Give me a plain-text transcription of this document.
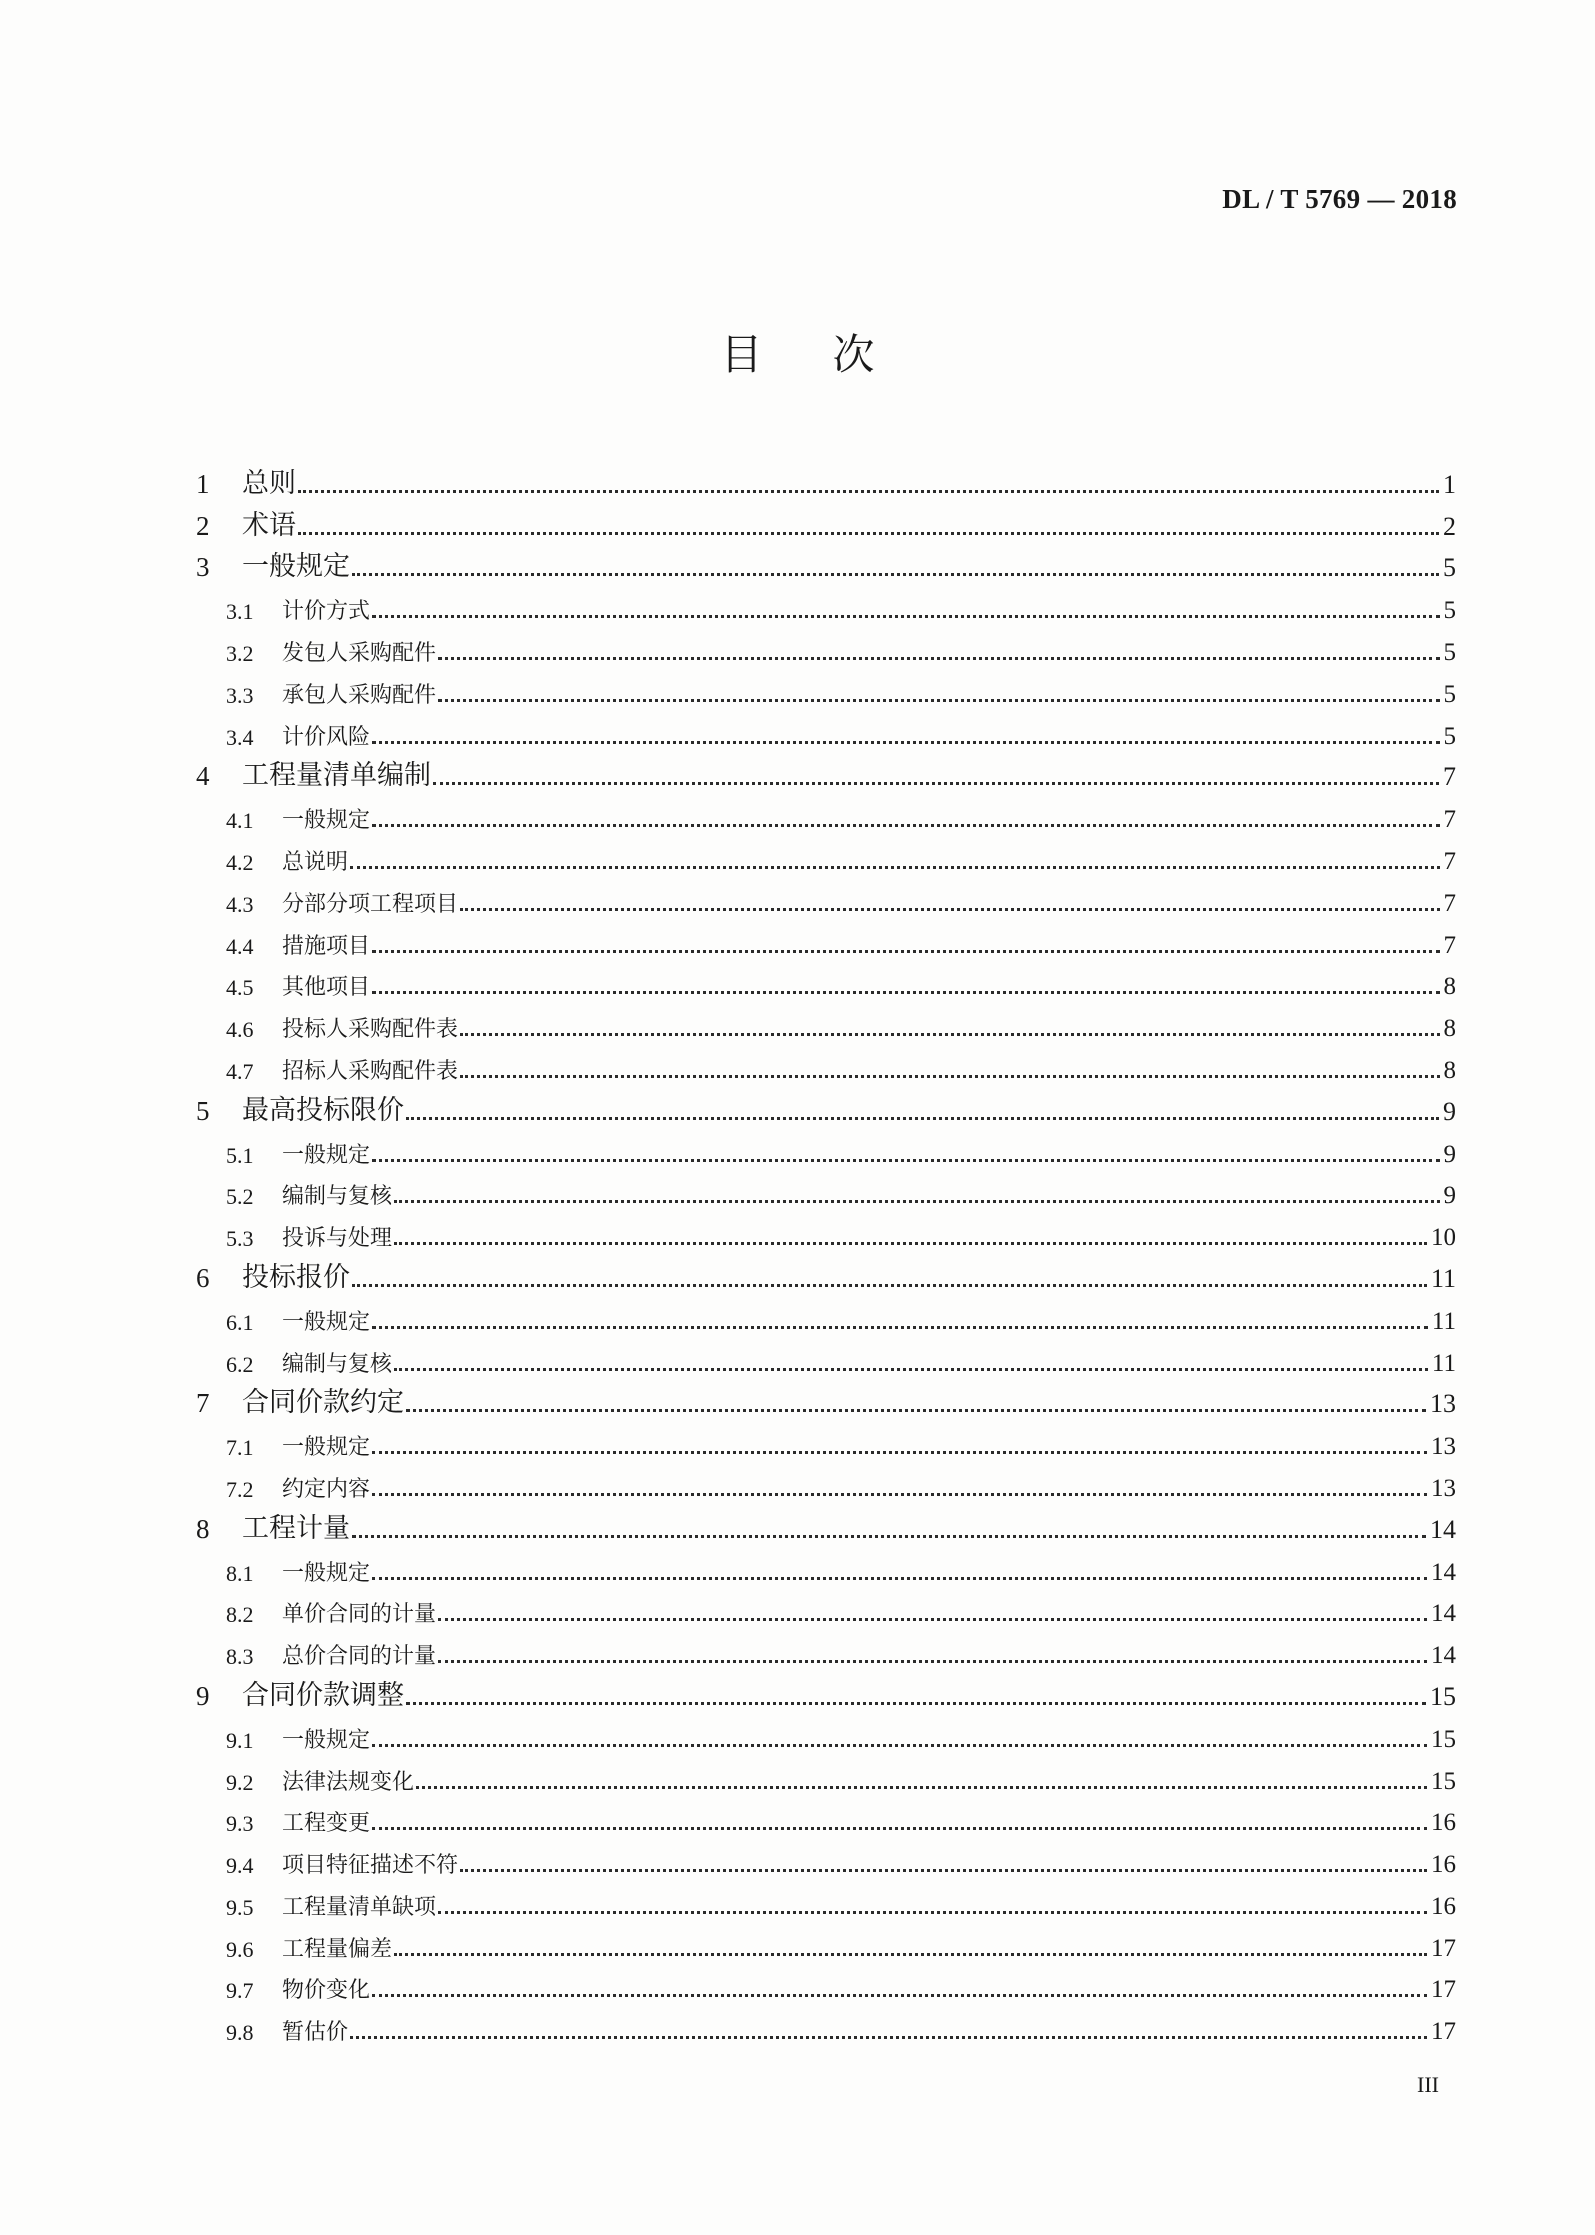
DL / T 5769 — 2018
目次
1	总则	1
2	术语	2
3	一般规定	5
3.1	计价方式	5
3.2	发包人采购配件	5
3.3	承包人采购配件	5
3.4	计价风险	5
4	工程量清单编制	7
4.1	一般规定	7
4.2	总说明	7
4.3	分部分项工程项目	7
4.4	措施项目	7
4.5	其他项目	8
4.6	投标人采购配件表	8
4.7	招标人采购配件表	8
5	最高投标限价	9
5.1	一般规定	9
5.2	编制与复核	9
5.3	投诉与处理	10
6	投标报价	11
6.1	一般规定	11
6.2	编制与复核	11
7	合同价款约定	13
7.1	一般规定	13
7.2	约定内容	13
8	工程计量	14
8.1	一般规定	14
8.2	单价合同的计量	14
8.3	总价合同的计量	14
9	合同价款调整	15
9.1	一般规定	15
9.2	法律法规变化	15
9.3	工程变更	16
9.4	项目特征描述不符	16
9.5	工程量清单缺项	16
9.6	工程量偏差	17
9.7	物价变化	17
9.8	暂估价	17
III
